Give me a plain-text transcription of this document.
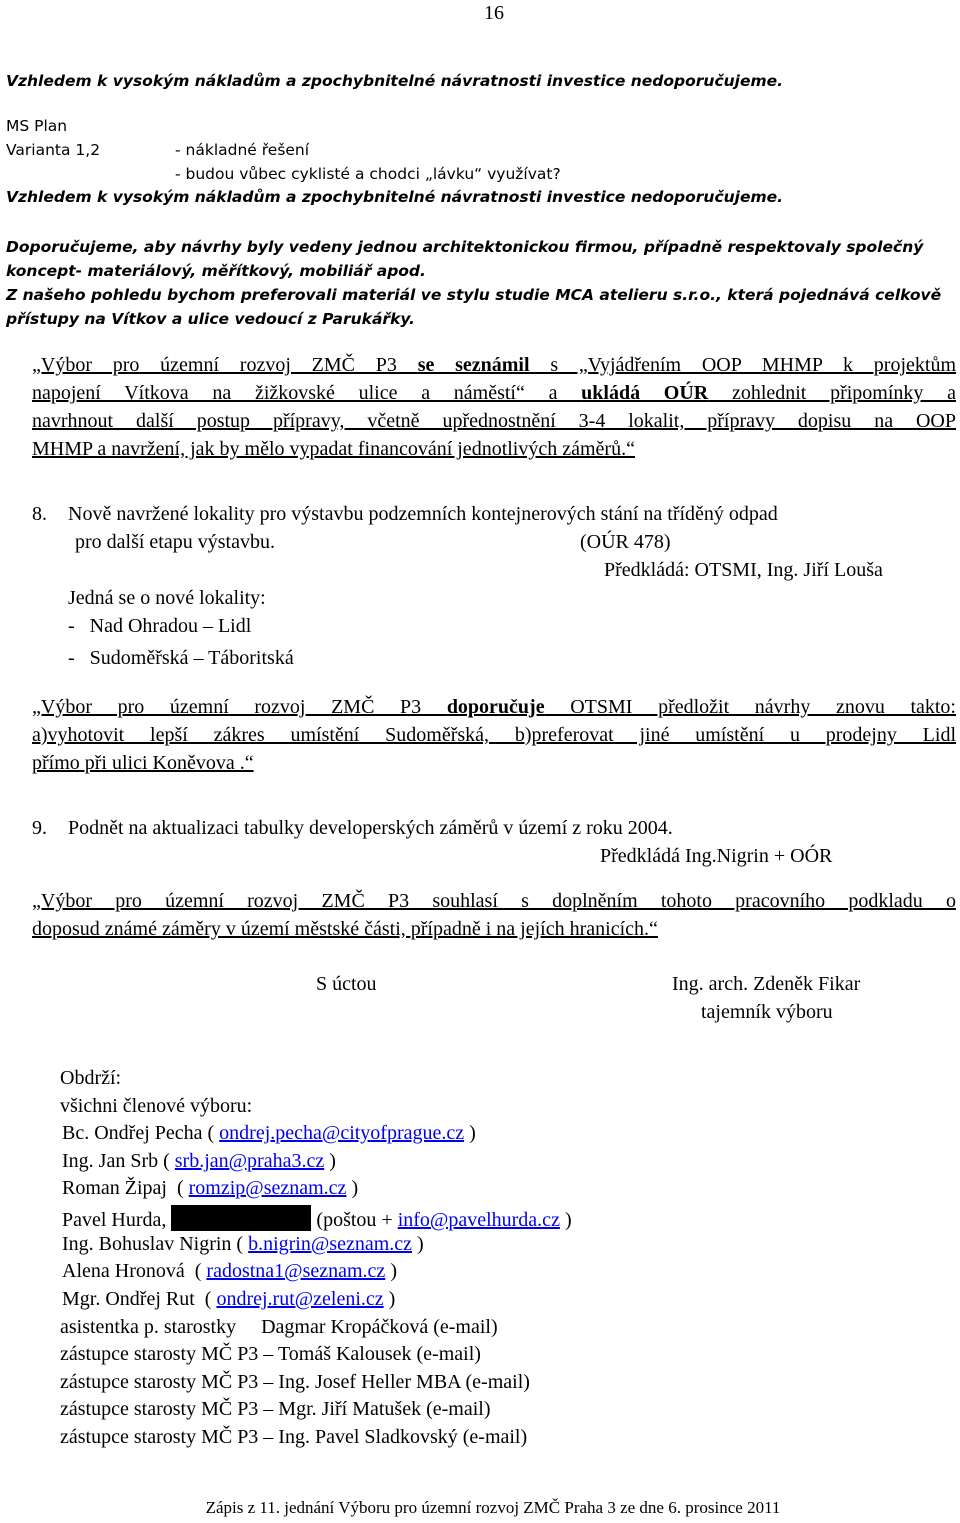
16
Vzhledem k vysokým nákladům a zpochybnitelné návratnosti investice nedoporučujeme.
MS Plan
Varianta 1,2	- nákladné řešení
- budou vůbec cyklisté a chodci „lávku“ využívat?
Vzhledem k vysokým nákladům a zpochybnitelné návratnosti investice nedoporučujeme.
Doporučujeme, aby návrhy byly vedeny jednou architektonickou firmou, případně respektovaly společný
koncept- materiálový, měřítkový, mobiliář apod.
Z našeho pohledu bychom preferovali materiál ve stylu studie MCA atelieru s.r.o., která pojednává celkově
přístupy na Vítkov a ulice vedoucí z Parukářky.
„Výbor pro územní rozvoj ZMČ P3 se seznámil s „Vyjádřením OOP MHMP k projektům
napojení Vítkova na žižkovské ulice a náměstí“ a ukládá OÚR zohlednit připomínky a
navrhnout další postup přípravy, včetně upřednostnění 3-4 lokalit, přípravy dopisu na OOP
MHMP a navržení, jak by mělo vypadat financování jednotlivých záměrů.“
8. Nově navržené lokality pro výstavbu podzemních kontejnerových stání na tříděný odpad
pro další etapu výstavbu.	(OÚR 478)
Předkládá: OTSMI, Ing. Jiří Louša
Jedná se o nové lokality:
-   Nad Ohradou – Lidl
-   Sudoměřská – Táboritská
„Výbor pro územní rozvoj ZMČ P3 doporučuje OTSMI předložit návrhy znovu takto:
a)vyhotovit lepší zákres umístění Sudoměřská, b)preferovat jiné umístění u prodejny Lidl
přímo při ulici Koněvova .“
9. Podnět na aktualizaci tabulky developerských záměrů v území z roku 2004.
Předkládá Ing.Nigrin + OÓR
„Výbor pro územní rozvoj ZMČ P3 souhlasí s doplněním tohoto pracovního podkladu o
doposud známé záměry v území městské části, případně i na jejích hranicích.“
S úctou	Ing. arch. Zdeněk Fikar
tajemník výboru
Obdrží:
všichni členové výboru:
Bc. Ondřej Pecha ( ondrej.pecha@cityofprague.cz )
Ing. Jan Srb ( srb.jan@praha3.cz )
Roman Žipaj  ( romzip@seznam.cz )
Pavel Hurda,	(poštou + info@pavelhurda.cz )
Ing. Bohuslav Nigrin ( b.nigrin@seznam.cz )
Alena Hronová  ( radostna1@seznam.cz )
Mgr. Ondřej Rut  ( ondrej.rut@zeleni.cz )
asistentka p. starostky     Dagmar Kropáčková (e-mail)
zástupce starosty MČ P3 – Tomáš Kalousek (e-mail)
zástupce starosty MČ P3 – Ing. Josef Heller MBA (e-mail)
zástupce starosty MČ P3 – Mgr. Jiří Matušek (e-mail)
zástupce starosty MČ P3 – Ing. Pavel Sladkovský (e-mail)
Zápis z 11. jednání Výboru pro územní rozvoj ZMČ Praha 3 ze dne 6. prosince 2011
